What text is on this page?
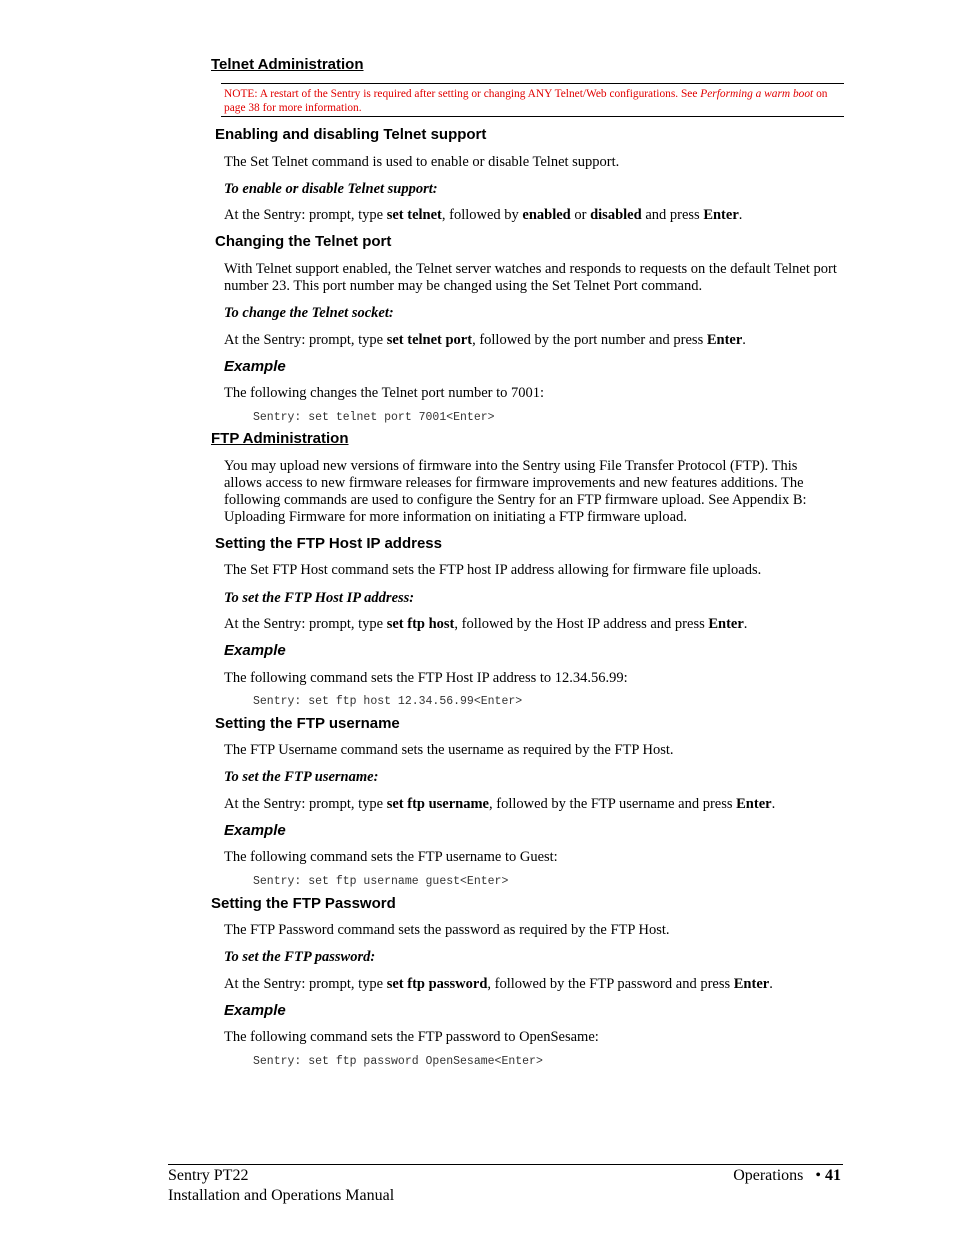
Telnet Administration
NOTE: A restart of the Sentry is required after setting or changing ANY Telnet/Web configurations. See Performing a warm boot on page 38 for more information.
Enabling and disabling Telnet support
The Set Telnet command is used to enable or disable Telnet support.
To enable or disable Telnet support:
At the Sentry: prompt, type set telnet, followed by enabled or disabled and press Enter.
Changing the Telnet port
With Telnet support enabled, the Telnet server watches and responds to requests on the default Telnet port number 23. This port number may be changed using the Set Telnet Port command.
To change the Telnet socket:
At the Sentry: prompt, type set telnet port, followed by the port number and press Enter.
Example
The following changes the Telnet port number to 7001:
Sentry: set telnet port 7001<Enter>
FTP Administration
You may upload new versions of firmware into the Sentry using File Transfer Protocol (FTP). This allows access to new firmware releases for firmware improvements and new features additions. The following commands are used to configure the Sentry for an FTP firmware upload. See Appendix B: Uploading Firmware for more information on initiating a FTP firmware upload.
Setting the FTP Host IP address
The Set FTP Host command sets the FTP host IP address allowing for firmware file uploads.
To set the FTP Host IP address:
At the Sentry: prompt, type set ftp host, followed by the Host IP address and press Enter.
Example
The following command sets the FTP Host IP address to 12.34.56.99:
Sentry: set ftp host 12.34.56.99<Enter>
Setting the FTP username
The FTP Username command sets the username as required by the FTP Host.
To set the FTP username:
At the Sentry: prompt, type set ftp username, followed by the FTP username and press Enter.
Example
The following command sets the FTP username to Guest:
Sentry: set ftp username guest<Enter>
Setting the FTP Password
The FTP Password command sets the password as required by the FTP Host.
To set the FTP password:
At the Sentry: prompt, type set ftp password, followed by the FTP password and press Enter.
Example
The following command sets the FTP password to OpenSesame:
Sentry: set ftp password OpenSesame<Enter>
Sentry PT22
Installation and Operations Manual
Operations • 41
